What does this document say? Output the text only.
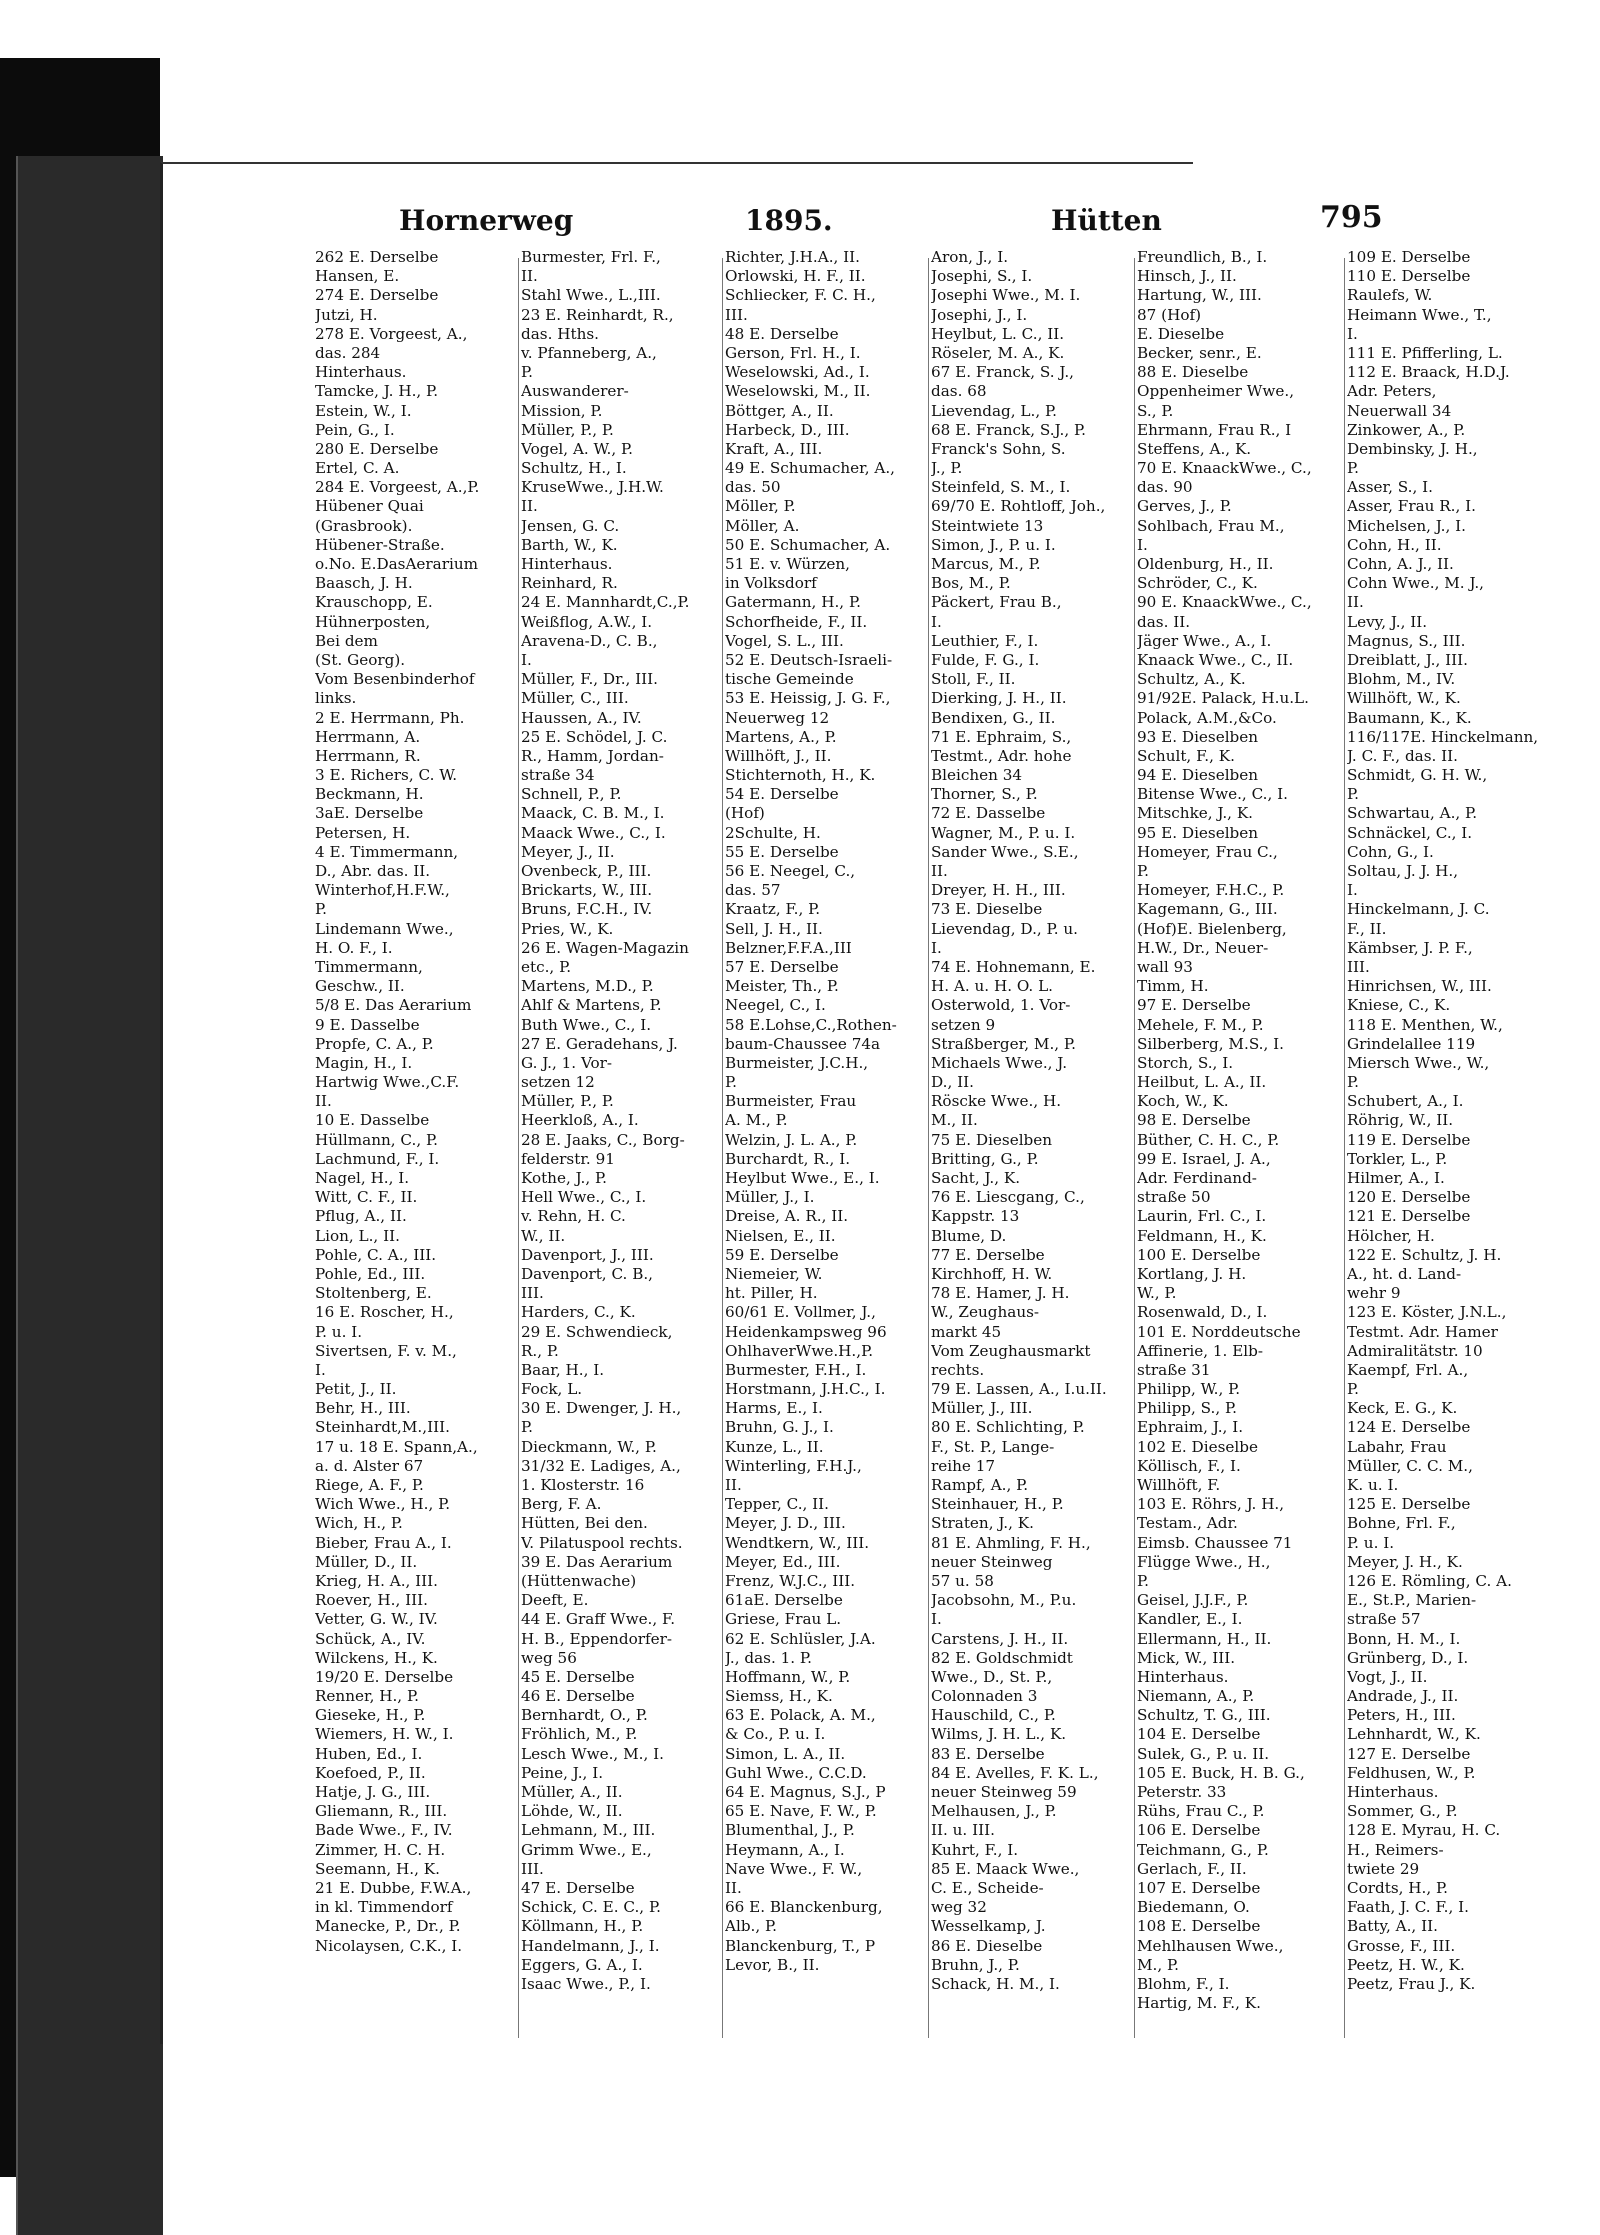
Hornerweg	1895.	Hütten	795
262 E. Derselbe
Hansen, E.
274 E. Derselbe
Jutzi, H.
278 E. Vorgeest, A.,
das. 284
Hinterhaus.
Tamcke, J. H., P.
Estein, W., I.
Pein, G., I.
280 E. Derselbe
Ertel, C. A.
284 E. Vorgeest, A.,P.
Hübener Quai
(Grasbrook).
Hübener-Straße.
o.No. E.DasAerarium
Baasch, J. H.
Krauschopp, E.
Hühnerposten,
Bei dem
(St. Georg).
Vom Besenbinderhof
links.
2 E. Herrmann, Ph.
Herrmann, A.
Herrmann, R.
3 E. Richers, C. W.
Beckmann, H.
3aE. Derselbe
Petersen, H.
4 E. Timmermann,
D., Abr. das. II.
Winterhof,H.F.W.,
P.
Lindemann Wwe.,
H. O. F., I.
Timmermann,
Geschw., II.
5/8 E. Das Aerarium
9 E. Dasselbe
Propfe, C. A., P.
Magin, H., I.
Hartwig Wwe.,C.F.
II.
10 E. Dasselbe
Hüllmann, C., P.
Lachmund, F., I.
Nagel, H., I.
Witt, C. F., II.
Pflug, A., II.
Lion, L., II.
Pohle, C. A., III.
Pohle, Ed., III.
Stoltenberg, E.
16 E. Roscher, H.,
P. u. I.
Sivertsen, F. v. M.,
I.
Petit, J., II.
Behr, H., III.
Steinhardt,M.,III.
17 u. 18 E. Spann,A.,
a. d. Alster 67
Riege, A. F., P.
Wich Wwe., H., P.
Wich, H., P.
Bieber, Frau A., I.
Müller, D., II.
Krieg, H. A., III.
Roever, H., III.
Vetter, G. W., IV.
Schück, A., IV.
Wilckens, H., K.
19/20 E. Derselbe
Renner, H., P.
Gieseke, H., P.
Wiemers, H. W., I.
Huben, Ed., I.
Koefoed, P., II.
Hatje, J. G., III.
Gliemann, R., III.
Bade Wwe., F., IV.
Zimmer, H. C. H.
Seemann, H., K.
21 E. Dubbe, F.W.A.,
in kl. Timmendorf
Manecke, P., Dr., P.
Nicolaysen, C.K., I.
Burmester, Frl. F.,
II.
Stahl Wwe., L.,III.
23 E. Reinhardt, R.,
das. Hths.
v. Pfanneberg, A.,
P.
Auswanderer-
Mission, P.
Müller, P., P.
Vogel, A. W., P.
Schultz, H., I.
KruseWwe., J.H.W.
II.
Jensen, G. C.
Barth, W., K.
Hinterhaus.
Reinhard, R.
24 E. Mannhardt,C.,P.
Weißflog, A.W., I.
Aravena-D., C. B.,
I.
Müller, F., Dr., III.
Müller, C., III.
Haussen, A., IV.
25 E. Schödel, J. C.
R., Hamm, Jordan-
straße 34
Schnell, P., P.
Maack, C. B. M., I.
Maack Wwe., C., I.
Meyer, J., II.
Ovenbeck, P., III.
Brickarts, W., III.
Bruns, F.C.H., IV.
Pries, W., K.
26 E. Wagen-Magazin
etc., P.
Martens, M.D., P.
Ahlf & Martens, P.
Buth Wwe., C., I.
27 E. Geradehans, J.
G. J., 1. Vor-
setzen 12
Müller, P., P.
Heerkloß, A., I.
28 E. Jaaks, C., Borg-
felderstr. 91
Kothe, J., P.
Hell Wwe., C., I.
v. Rehn, H. C.
W., II.
Davenport, J., III.
Davenport, C. B.,
III.
Harders, C., K.
29 E. Schwendieck,
R., P.
Baar, H., I.
Fock, L.
30 E. Dwenger, J. H.,
P.
Dieckmann, W., P.
31/32 E. Ladiges, A.,
1. Klosterstr. 16
Berg, F. A.
Hütten, Bei den.
V. Pilatuspool rechts.
39 E. Das Aerarium
(Hüttenwache)
Deeft, E.
44 E. Graff Wwe., F.
H. B., Eppendorfer-
weg 56
45 E. Derselbe
46 E. Derselbe
Bernhardt, O., P.
Fröhlich, M., P.
Lesch Wwe., M., I.
Peine, J., I.
Müller, A., II.
Löhde, W., II.
Lehmann, M., III.
Grimm Wwe., E.,
III.
47 E. Derselbe
Schick, C. E. C., P.
Köllmann, H., P.
Handelmann, J., I.
Eggers, G. A., I.
Isaac Wwe., P., I.
Richter, J.H.A., II.
Orlowski, H. F., II.
Schliecker, F. C. H.,
III.
48 E. Derselbe
Gerson, Frl. H., I.
Weselowski, Ad., I.
Weselowski, M., II.
Böttger, A., II.
Harbeck, D., III.
Kraft, A., III.
49 E. Schumacher, A.,
das. 50
Möller, P.
Möller, A.
50 E. Schumacher, A.
51 E. v. Würzen,
in Volksdorf
Gatermann, H., P.
Schorfheide, F., II.
Vogel, S. L., III.
52 E. Deutsch-Israeli-
tische Gemeinde
53 E. Heissig, J. G. F.,
Neuerweg 12
Martens, A., P.
Willhöft, J., II.
Stichternoth, H., K.
54 E. Derselbe
(Hof)
2Schulte, H.
55 E. Derselbe
56 E. Neegel, C.,
das. 57
Kraatz, F., P.
Sell, J. H., II.
Belzner,F.F.A.,III
57 E. Derselbe
Meister, Th., P.
Neegel, C., I.
58 E.Lohse,C.,Rothen-
baum-Chaussee 74a
Burmeister, J.C.H.,
P.
Burmeister, Frau
A. M., P.
Welzin, J. L. A., P.
Burchardt, R., I.
Heylbut Wwe., E., I.
Müller, J., I.
Dreise, A. R., II.
Nielsen, E., II.
59 E. Derselbe
Niemeier, W.
ht. Piller, H.
60/61 E. Vollmer, J.,
Heidenkampsweg 96
OhlhaverWwe.H.,P.
Burmester, F.H., I.
Horstmann, J.H.C., I.
Harms, E., I.
Bruhn, G. J., I.
Kunze, L., II.
Winterling, F.H.J.,
II.
Tepper, C., II.
Meyer, J. D., III.
Wendtkern, W., III.
Meyer, Ed., III.
Frenz, W.J.C., III.
61aE. Derselbe
Griese, Frau L.
62 E. Schlüsler, J.A.
J., das. 1. P.
Hoffmann, W., P.
Siemss, H., K.
63 E. Polack, A. M.,
& Co., P. u. I.
Simon, L. A., II.
Guhl Wwe., C.C.D.
64 E. Magnus, S.J., P
65 E. Nave, F. W., P.
Blumenthal, J., P.
Heymann, A., I.
Nave Wwe., F. W.,
II.
66 E. Blanckenburg,
Alb., P.
Blanckenburg, T., P
Levor, B., II.
Aron, J., I.
Josephi, S., I.
Josephi Wwe., M. I.
Josephi, J., I.
Heylbut, L. C., II.
Röseler, M. A., K.
67 E. Franck, S. J.,
das. 68
Lievendag, L., P.
68 E. Franck, S.J., P.
Franck's Sohn, S.
J., P.
Steinfeld, S. M., I.
69/70 E. Rohtloff, Joh.,
Steintwiete 13
Simon, J., P. u. I.
Marcus, M., P.
Bos, M., P.
Päckert, Frau B.,
I.
Leuthier, F., I.
Fulde, F. G., I.
Stoll, F., II.
Dierking, J. H., II.
Bendixen, G., II.
71 E. Ephraim, S.,
Testmt., Adr. hohe
Bleichen 34
Thorner, S., P.
72 E. Dasselbe
Wagner, M., P. u. I.
Sander Wwe., S.E.,
II.
Dreyer, H. H., III.
73 E. Dieselbe
Lievendag, D., P. u.
I.
74 E. Hohnemann, E.
H. A. u. H. O. L.
Osterwold, 1. Vor-
setzen 9
Straßberger, M., P.
Michaels Wwe., J.
D., II.
Röscke Wwe., H.
M., II.
75 E. Dieselben
Britting, G., P.
Sacht, J., K.
76 E. Liescgang, C.,
Kappstr. 13
Blume, D.
77 E. Derselbe
Kirchhoff, H. W.
78 E. Hamer, J. H.
W., Zeughaus-
markt 45
Vom Zeughausmarkt
rechts.
79 E. Lassen, A., I.u.II.
Müller, J., III.
80 E. Schlichting, P.
F., St. P., Lange-
reihe 17
Rampf, A., P.
Steinhauer, H., P.
Straten, J., K.
81 E. Ahmling, F. H.,
neuer Steinweg
57 u. 58
Jacobsohn, M., P.u.
I.
Carstens, J. H., II.
82 E. Goldschmidt
Wwe., D., St. P.,
Colonnaden 3
Hauschild, C., P.
Wilms, J. H. L., K.
83 E. Derselbe
84 E. Avelles, F. K. L.,
neuer Steinweg 59
Melhausen, J., P.
II. u. III.
Kuhrt, F., I.
85 E. Maack Wwe.,
C. E., Scheide-
weg 32
Wesselkamp, J.
86 E. Dieselbe
Bruhn, J., P.
Schack, H. M., I.
Freundlich, B., I.
Hinsch, J., II.
Hartung, W., III.
87 (Hof)
E. Dieselbe
Becker, senr., E.
88 E. Dieselbe
Oppenheimer Wwe.,
S., P.
Ehrmann, Frau R., I
Steffens, A., K.
70 E. KnaackWwe., C.,
das. 90
Gerves, J., P.
Sohlbach, Frau M.,
I.
Oldenburg, H., II.
Schröder, C., K.
90 E. KnaackWwe., C.,
das. II.
Jäger Wwe., A., I.
Knaack Wwe., C., II.
Schultz, A., K.
91/92E. Palack, H.u.L.
Polack, A.M.,&Co.
93 E. Dieselben
Schult, F., K.
94 E. Dieselben
Bitense Wwe., C., I.
Mitschke, J., K.
95 E. Dieselben
Homeyer, Frau C.,
P.
Homeyer, F.H.C., P.
Kagemann, G., III.
(Hof)E. Bielenberg,
H.W., Dr., Neuer-
wall 93
Timm, H.
97 E. Derselbe
Mehele, F. M., P.
Silberberg, M.S., I.
Storch, S., I.
Heilbut, L. A., II.
Koch, W., K.
98 E. Derselbe
Büther, C. H. C., P.
99 E. Israel, J. A.,
Adr. Ferdinand-
straße 50
Laurin, Frl. C., I.
Feldmann, H., K.
100 E. Derselbe
Kortlang, J. H.
W., P.
Rosenwald, D., I.
101 E. Norddeutsche
Affinerie, 1. Elb-
straße 31
Philipp, W., P.
Philipp, S., P.
Ephraim, J., I.
102 E. Dieselbe
Köllisch, F., I.
Willhöft, F.
103 E. Röhrs, J. H.,
Testam., Adr.
Eimsb. Chaussee 71
Flügge Wwe., H.,
P.
Geisel, J.J.F., P.
Kandler, E., I.
Ellermann, H., II.
Mick, W., III.
Hinterhaus.
Niemann, A., P.
Schultz, T. G., III.
104 E. Derselbe
Sulek, G., P. u. II.
105 E. Buck, H. B. G.,
Peterstr. 33
Rühs, Frau C., P.
106 E. Derselbe
Teichmann, G., P.
Gerlach, F., II.
107 E. Derselbe
Biedemann, O.
108 E. Derselbe
Mehlhausen Wwe.,
M., P.
Blohm, F., I.
Hartig, M. F., K.
109 E. Derselbe
110 E. Derselbe
Raulefs, W.
Heimann Wwe., T.,
I.
111 E. Pfifferling, L.
112 E. Braack, H.D.J.
Adr. Peters,
Neuerwall 34
Zinkower, A., P.
Dembinsky, J. H.,
P.
Asser, S., I.
Asser, Frau R., I.
Michelsen, J., I.
Cohn, H., II.
Cohn, A. J., II.
Cohn Wwe., M. J.,
II.
Levy, J., II.
Magnus, S., III.
Dreiblatt, J., III.
Blohm, M., IV.
Willhöft, W., K.
Baumann, K., K.
116/117E. Hinckelmann,
J. C. F., das. II.
Schmidt, G. H. W.,
P.
Schwartau, A., P.
Schnäckel, C., I.
Cohn, G., I.
Soltau, J. J. H.,
I.
Hinckelmann, J. C.
F., II.
Kämbser, J. P. F.,
III.
Hinrichsen, W., III.
Kniese, C., K.
118 E. Menthen, W.,
Grindelallee 119
Miersch Wwe., W.,
P.
Schubert, A., I.
Röhrig, W., II.
119 E. Derselbe
Torkler, L., P.
Hilmer, A., I.
120 E. Derselbe
121 E. Derselbe
Hölcher, H.
122 E. Schultz, J. H.
A., ht. d. Land-
wehr 9
123 E. Köster, J.N.L.,
Testmt. Adr. Hamer
Admiralitätstr. 10
Kaempf, Frl. A.,
P.
Keck, E. G., K.
124 E. Derselbe
Labahr, Frau
Müller, C. C. M.,
K. u. I.
125 E. Derselbe
Bohne, Frl. F.,
P. u. I.
Meyer, J. H., K.
126 E. Römling, C. A.
E., St.P., Marien-
straße 57
Bonn, H. M., I.
Grünberg, D., I.
Vogt, J., II.
Andrade, J., II.
Peters, H., III.
Lehnhardt, W., K.
127 E. Derselbe
Feldhusen, W., P.
Hinterhaus.
Sommer, G., P.
128 E. Myrau, H. C.
H., Reimers-
twiete 29
Cordts, H., P.
Faath, J. C. F., I.
Batty, A., II.
Grosse, F., III.
Peetz, H. W., K.
Peetz, Frau J., K.
